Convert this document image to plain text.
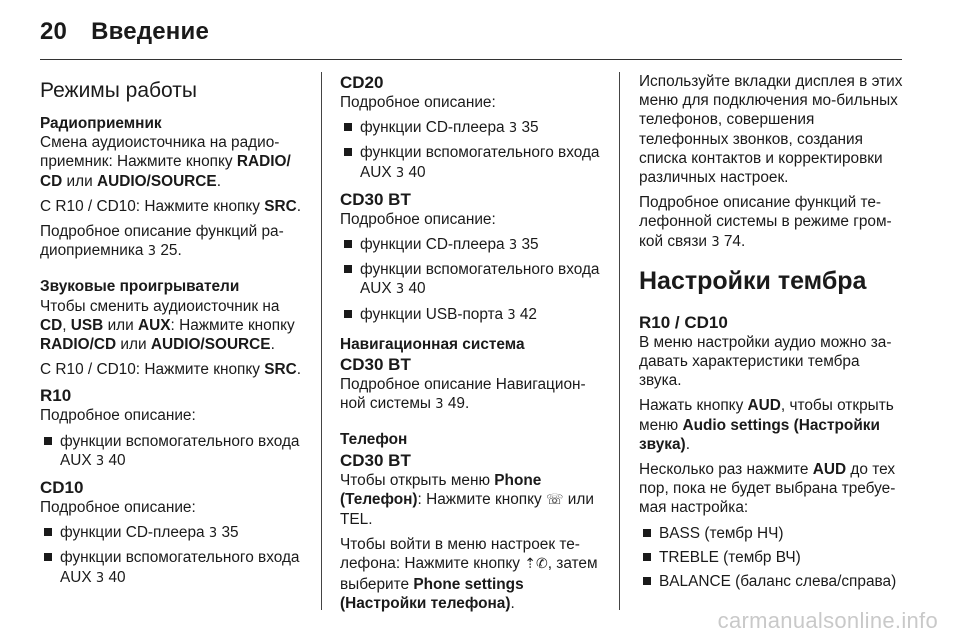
20 Введение
Режимы работы
Радиоприемник

Смена аудиоисточника на радио-приемник: Нажмите кнопку RADIO/ CD или AUDIO/SOURCE.

C R10 / CD10: Нажмите кнопку SRC.

Подробное описание функций ра-диоприемника 3 25.

Звуковые проигрыватели

Чтобы сменить аудиоисточник на CD, USB или AUX: Нажмите кнопку RADIO/CD или AUDIO/SOURCE.

C R10 / CD10: Нажмите кнопку SRC.

R10

Подробное описание:

функции вспомогательного входа AUX 3 40
CD10

Подробное описание:

функции CD-плеера 3 35
функции вспомогательного входа AUX 3 40
CD20

Подробное описание:

функции CD-плеера 3 35
функции вспомогательного входа AUX 3 40
CD30 BT

Подробное описание:

функции CD-плеера 3 35
функции вспомогательного входа AUX 3 40
функции USB-порта 3 42
Навигационная система
CD30 BT

Подробное описание Навигацион-ной системы 3 49.

Телефон
CD30 BT

Чтобы открыть меню Phone (Телефон): Нажмите кнопку ☏ или TEL.

Чтобы войти в меню настроек те-лефона: Нажмите кнопку ⇡✆, затем выберите Phone settings (Настройки телефона).

Используйте вкладки дисплея в этих меню для подключения мо-бильных телефонов, совершения телефонных звонков, создания списка контактов и корректировки различных настроек.

Подробное описание функций те-лефонной системы в режиме гром-кой связи 3 74.

Настройки тембра
R10 / CD10

В меню настройки аудио можно за-давать характеристики тембра звука.

Нажать кнопку AUD, чтобы открыть меню Audio settings (Настройки звука).

Несколько раз нажмите AUD до тех пор, пока не будет выбрана требуе-мая настройка:

BASS (тембр НЧ)
TREBLE (тембр ВЧ)
BALANCE (баланс слева/справа)
carmanualsonline.info
